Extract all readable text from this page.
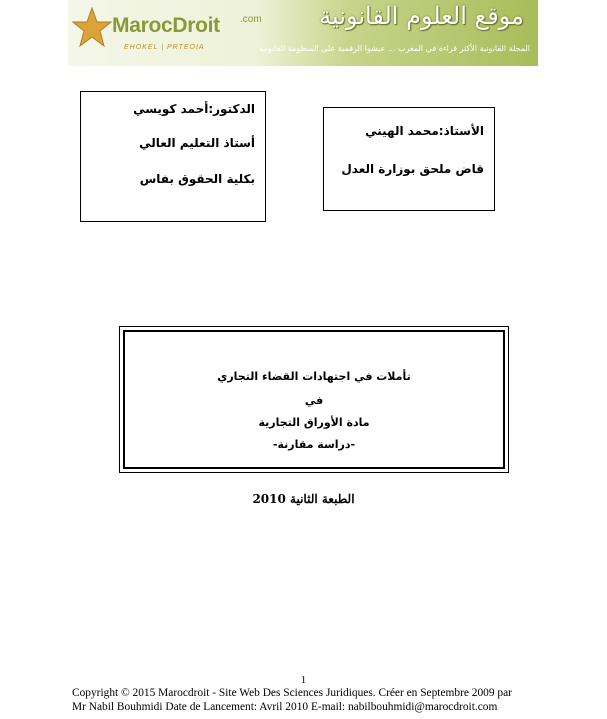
MarocDroit .com
EHOKEL | PRTEOIA
موقع العلوم القانونية
المجلة القانونية الأكثر قراءة في المغرب ... عيشوا الرقمية على المنظومة القانونية
الدكتور:أحمد كويسي
أستاذ التعليم العالي
بكلية الحقوق بفاس
الأستاذ:محمد الهيني
قاض ملحق بوزارة العدل
تأملات في اجتهادات القضاء التجاري
في
مادة الأوراق التجارية
-دراسة مقارنة-
الطبعة الثانية 2010
1
Copyright © 2015 Marocdroit - Site Web Des Sciences Juridiques. Créer en Septembre 2009 par
Mr Nabil Bouhmidi Date de Lancement: Avril 2010 E-mail: nabilbouhmidi@marocdroit.com
